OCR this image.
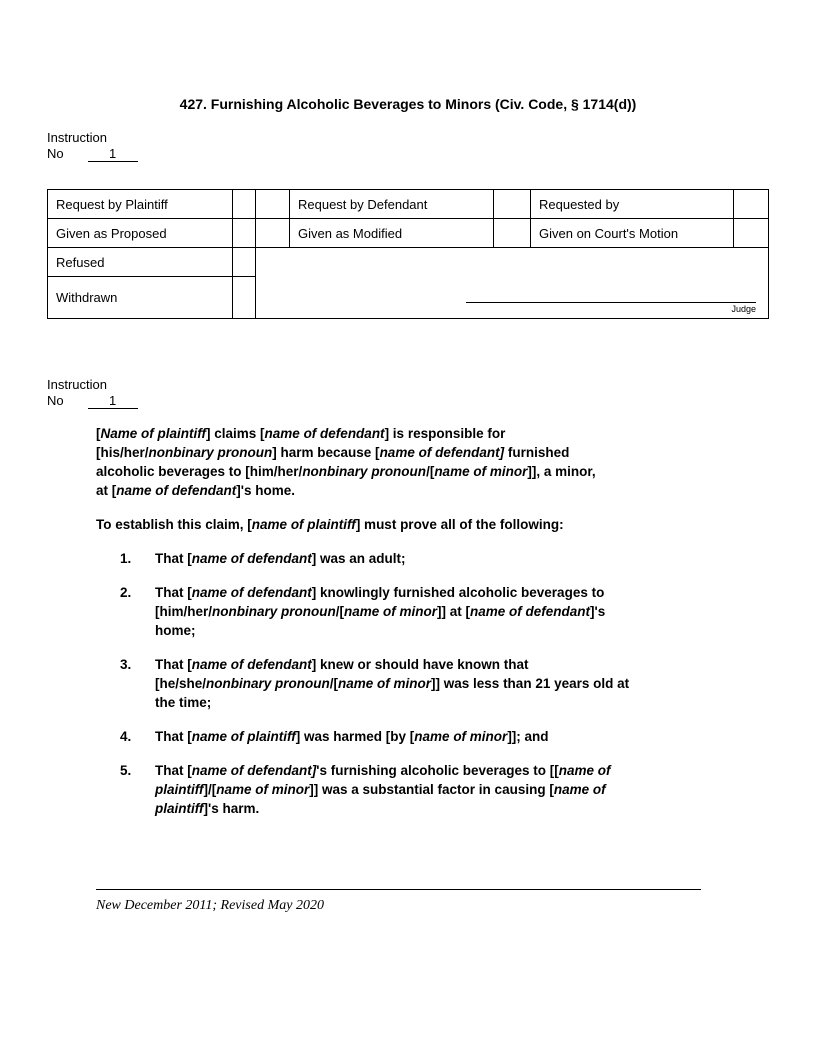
427. Furnishing Alcoholic Beverages to Minors (Civ. Code, § 1714(d))
Instruction
No	1
Request by Plaintiff			Request by Defendant		Requested by	
Given as Proposed			Given as Modified		Given on Court's Motion	
Refused		Judge				

Withdrawn						
Instruction
No	1
[Name of plaintiff] claims [name of defendant] is responsible for
[his/her/nonbinary pronoun] harm because [name of defendant] furnished
alcoholic beverages to [him/her/nonbinary pronoun/[name of minor]], a minor,
at [name of defendant]'s home.
To establish this claim, [name of plaintiff] must prove all of the following:
1. That [name of defendant] was an adult;
2. That [name of defendant] knowlingly furnished alcoholic beverages to
[him/her/nonbinary pronoun/[name of minor]] at [name of defendant]'s
home;
3. That [name of defendant] knew or should have known that
[he/she/nonbinary pronoun/[name of minor]] was less than 21 years old at
the time;
4. That [name of plaintiff] was harmed [by [name of minor]]; and
5. That [name of defendant]'s furnishing alcoholic beverages to [[name of
plaintiff]/[name of minor]] was a substantial factor in causing [name of
plaintiff]'s harm.
New December 2011; Revised May 2020
